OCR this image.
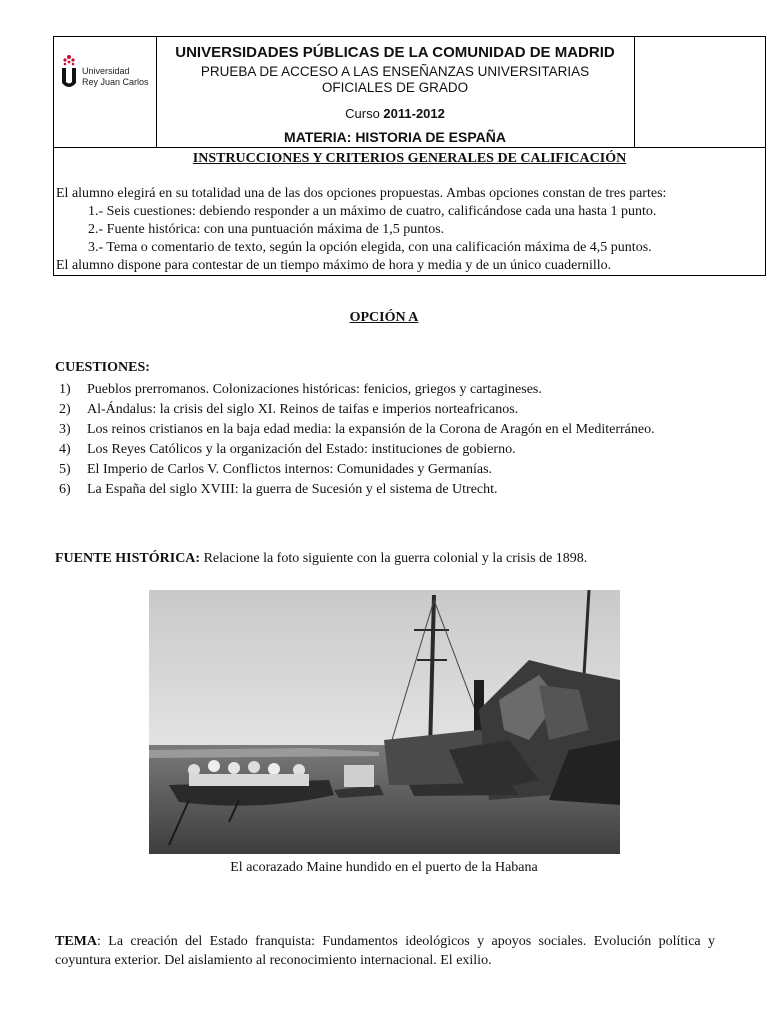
Universidad
Rey Juan Carlos
UNIVERSIDADES PÚBLICAS DE LA COMUNIDAD DE MADRID
PRUEBA DE ACCESO A LAS ENSEÑANZAS UNIVERSITARIAS
OFICIALES DE GRADO
Curso 2011-2012
MATERIA: HISTORIA DE ESPAÑA
INSTRUCCIONES Y CRITERIOS GENERALES DE CALIFICACIÓN
El alumno elegirá en su totalidad una de las dos opciones propuestas. Ambas opciones constan de tres partes:
1.- Seis cuestiones: debiendo responder a un máximo de cuatro, calificándose cada una hasta 1 punto.
2.- Fuente histórica: con una puntuación máxima de 1,5 puntos.
3.- Tema o comentario de texto, según la opción elegida, con una calificación máxima de 4,5 puntos.
El alumno dispone para contestar de un tiempo máximo de hora y media y de un único cuadernillo.
OPCIÓN A
CUESTIONES:
1) Pueblos prerromanos. Colonizaciones históricas: fenicios, griegos y cartagineses.
2) Al-Ándalus: la crisis del siglo XI. Reinos de taifas e imperios norteafricanos.
3) Los reinos cristianos en la baja edad media: la expansión de la Corona de Aragón en el Mediterráneo.
4) Los Reyes Católicos y la organización del Estado: instituciones de gobierno.
5) El Imperio de Carlos V. Conflictos internos: Comunidades y Germanías.
6) La España del siglo XVIII: la guerra de Sucesión y el sistema de Utrecht.
FUENTE HISTÓRICA: Relacione la foto siguiente con la guerra colonial y la crisis de 1898.
El acorazado Maine hundido en el puerto de la Habana
TEMA: La creación del Estado franquista: Fundamentos ideológicos y apoyos sociales. Evolución política y coyuntura exterior. Del aislamiento al reconocimiento internacional. El exilio.
